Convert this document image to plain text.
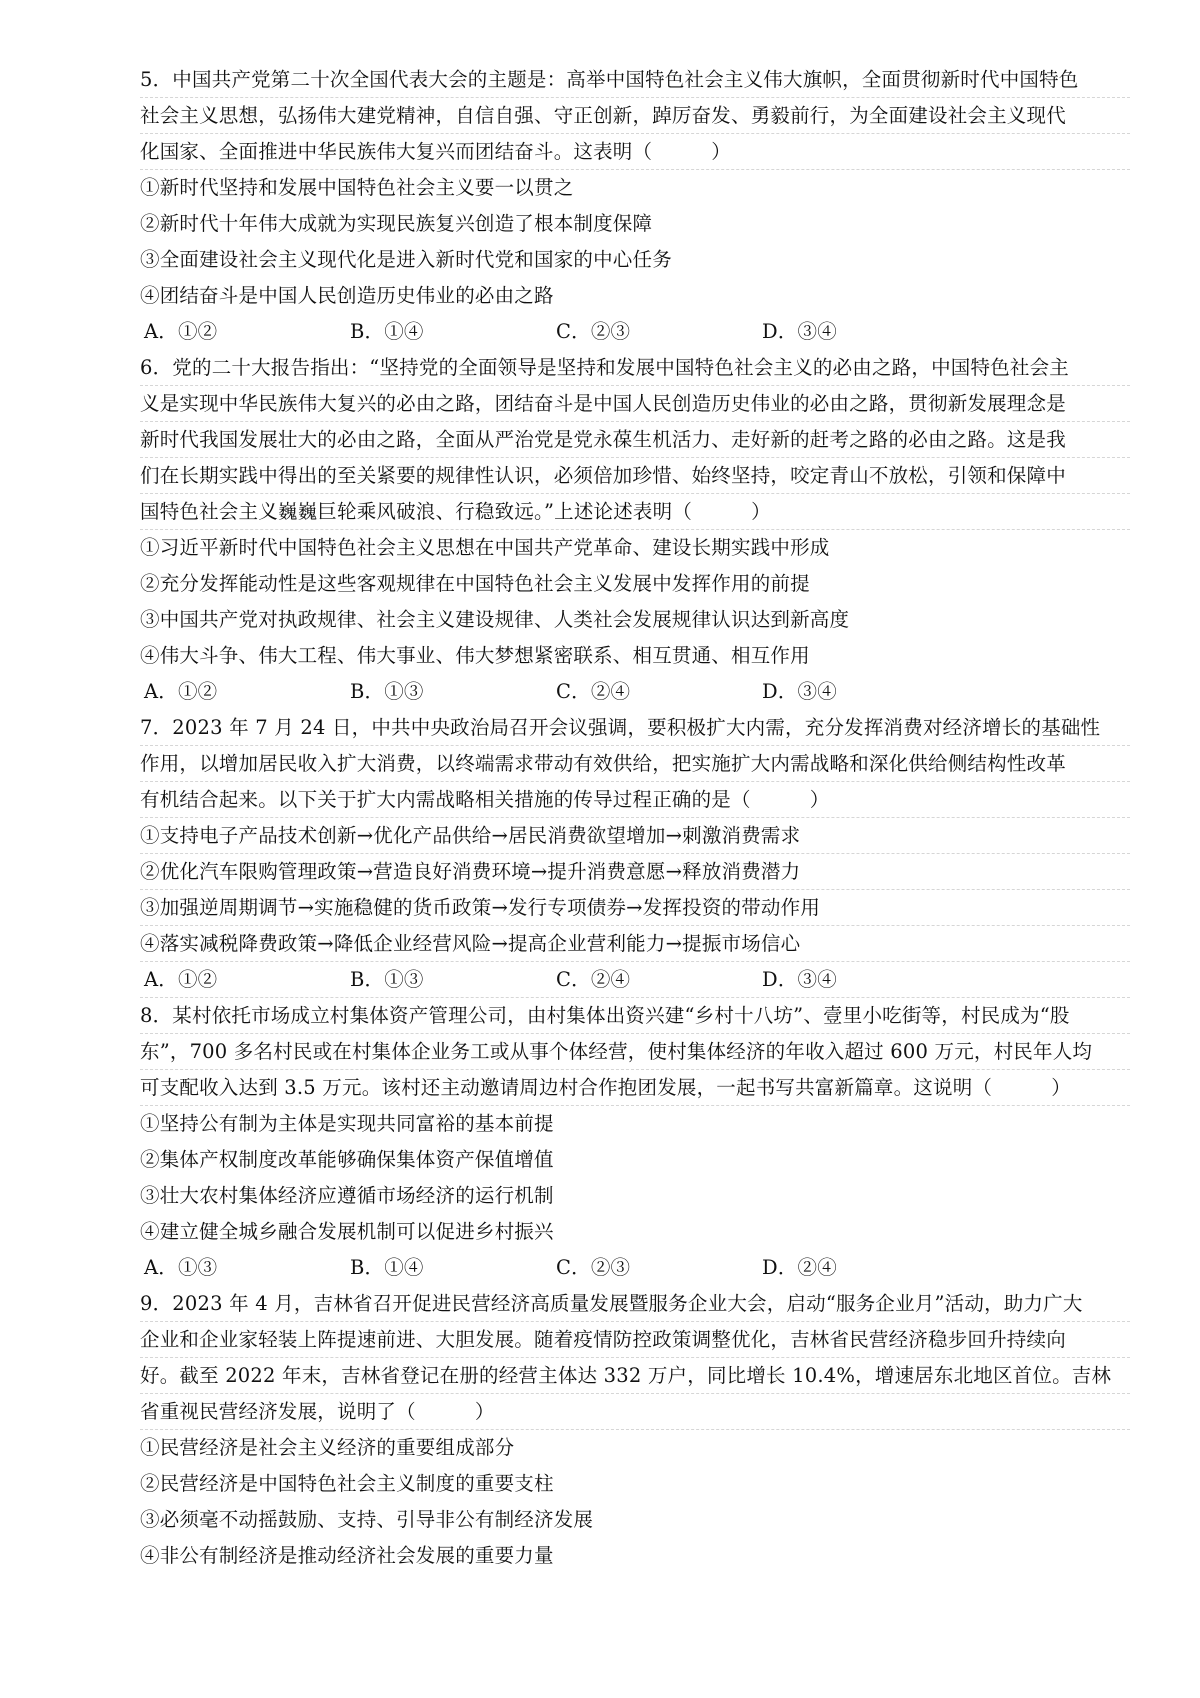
5．中国共产党第二十次全国代表大会的主题是：高举中国特色社会主义伟大旗帜，全面贯彻新时代中国特色
社会主义思想，弘扬伟大建党精神，自信自强、守正创新，踔厉奋发、勇毅前行，为全面建设社会主义现代
化国家、全面推进中华民族伟大复兴而团结奋斗。这表明（　　　）
①新时代坚持和发展中国特色社会主义要一以贯之
②新时代十年伟大成就为实现民族复兴创造了根本制度保障
③全面建设社会主义现代化是进入新时代党和国家的中心任务
④团结奋斗是中国人民创造历史伟业的必由之路
A．①②	B．①④	C．②③	D．③④
6．党的二十大报告指出：“坚持党的全面领导是坚持和发展中国特色社会主义的必由之路，中国特色社会主
义是实现中华民族伟大复兴的必由之路，团结奋斗是中国人民创造历史伟业的必由之路，贯彻新发展理念是
新时代我国发展壮大的必由之路，全面从严治党是党永葆生机活力、走好新的赶考之路的必由之路。这是我
们在长期实践中得出的至关紧要的规律性认识，必须倍加珍惜、始终坚持，咬定青山不放松，引领和保障中
国特色社会主义巍巍巨轮乘风破浪、行稳致远。”上述论述表明（　　　）
①习近平新时代中国特色社会主义思想在中国共产党革命、建设长期实践中形成
②充分发挥能动性是这些客观规律在中国特色社会主义发展中发挥作用的前提
③中国共产党对执政规律、社会主义建设规律、人类社会发展规律认识达到新高度
④伟大斗争、伟大工程、伟大事业、伟大梦想紧密联系、相互贯通、相互作用
A．①②	B．①③	C．②④	D．③④
7．2023 年 7 月 24 日，中共中央政治局召开会议强调，要积极扩大内需，充分发挥消费对经济增长的基础性
作用，以增加居民收入扩大消费，以终端需求带动有效供给，把实施扩大内需战略和深化供给侧结构性改革
有机结合起来。以下关于扩大内需战略相关措施的传导过程正确的是（　　　）
①支持电子产品技术创新→优化产品供给→居民消费欲望增加→刺激消费需求
②优化汽车限购管理政策→营造良好消费环境→提升消费意愿→释放消费潜力
③加强逆周期调节→实施稳健的货币政策→发行专项债券→发挥投资的带动作用
④落实减税降费政策→降低企业经营风险→提高企业营利能力→提振市场信心
A．①②	B．①③	C．②④	D．③④
8．某村依托市场成立村集体资产管理公司，由村集体出资兴建“乡村十八坊”、壹里小吃街等，村民成为“股
东”，700 多名村民或在村集体企业务工或从事个体经营，使村集体经济的年收入超过 600 万元，村民年人均
可支配收入达到 3.5 万元。该村还主动邀请周边村合作抱团发展，一起书写共富新篇章。这说明（　　　）
①坚持公有制为主体是实现共同富裕的基本前提
②集体产权制度改革能够确保集体资产保值增值
③壮大农村集体经济应遵循市场经济的运行机制
④建立健全城乡融合发展机制可以促进乡村振兴
A．①③	B．①④	C．②③	D．②④
9．2023 年 4 月，吉林省召开促进民营经济高质量发展暨服务企业大会，启动“服务企业月”活动，助力广大
企业和企业家轻装上阵提速前进、大胆发展。随着疫情防控政策调整优化，吉林省民营经济稳步回升持续向
好。截至 2022 年末，吉林省登记在册的经营主体达 332 万户，同比增长 10.4%，增速居东北地区首位。吉林
省重视民营经济发展，说明了（　　　）
①民营经济是社会主义经济的重要组成部分
②民营经济是中国特色社会主义制度的重要支柱
③必须毫不动摇鼓励、支持、引导非公有制经济发展
④非公有制经济是推动经济社会发展的重要力量
